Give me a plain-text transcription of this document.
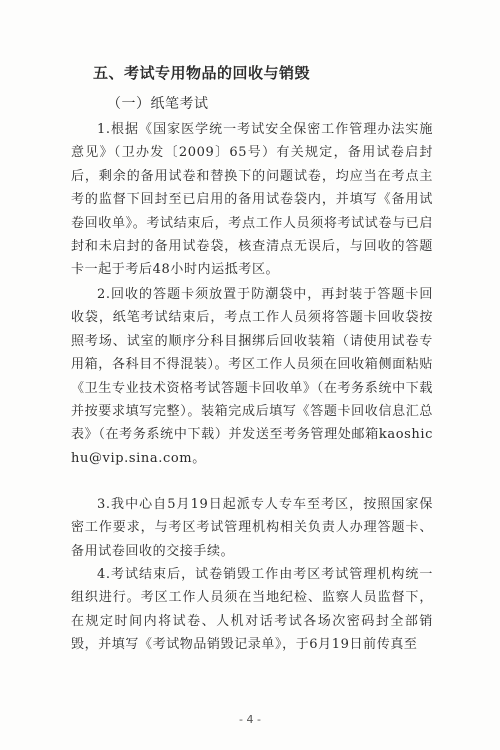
五、考试专用物品的回收与销毁
（一）纸笔考试

1.根据《国家医学统一考试安全保密工作管理办法实施意见》（卫办发〔2009〕65号）有关规定，备用试卷启封后，剩余的备用试卷和替换下的问题试卷，均应当在考点主考的监督下回封至已启用的备用试卷袋内，并填写《备用试卷回收单》。考试结束后，考点工作人员须将考试试卷与已启封和未启封的备用试卷袋，核查清点无误后，与回收的答题卡一起于考后48小时内运抵考区。

2.回收的答题卡须放置于防潮袋中，再封装于答题卡回收袋，纸笔考试结束后，考点工作人员须将答题卡回收袋按照考场、试室的顺序分科目捆绑后回收装箱（请使用试卷专用箱，各科目不得混装）。考区工作人员须在回收箱侧面粘贴《卫生专业技术资格考试答题卡回收单》（在考务系统中下载并按要求填写完整）。装箱完成后填写《答题卡回收信息汇总表》（在考务系统中下载）并发送至考务管理处邮箱kaoshichu@vip.sina.com。

3.我中心自5月19日起派专人专车至考区，按照国家保密工作要求，与考区考试管理机构相关负责人办理答题卡、备用试卷回收的交接手续。

4.考试结束后，试卷销毁工作由考区考试管理机构统一组织进行。考区工作人员须在当地纪检、监察人员监督下，在规定时间内将试卷、人机对话考试各场次密码封全部销毁，并填写《考试物品销毁记录单》，于6月19日前传真至

- 4 -
